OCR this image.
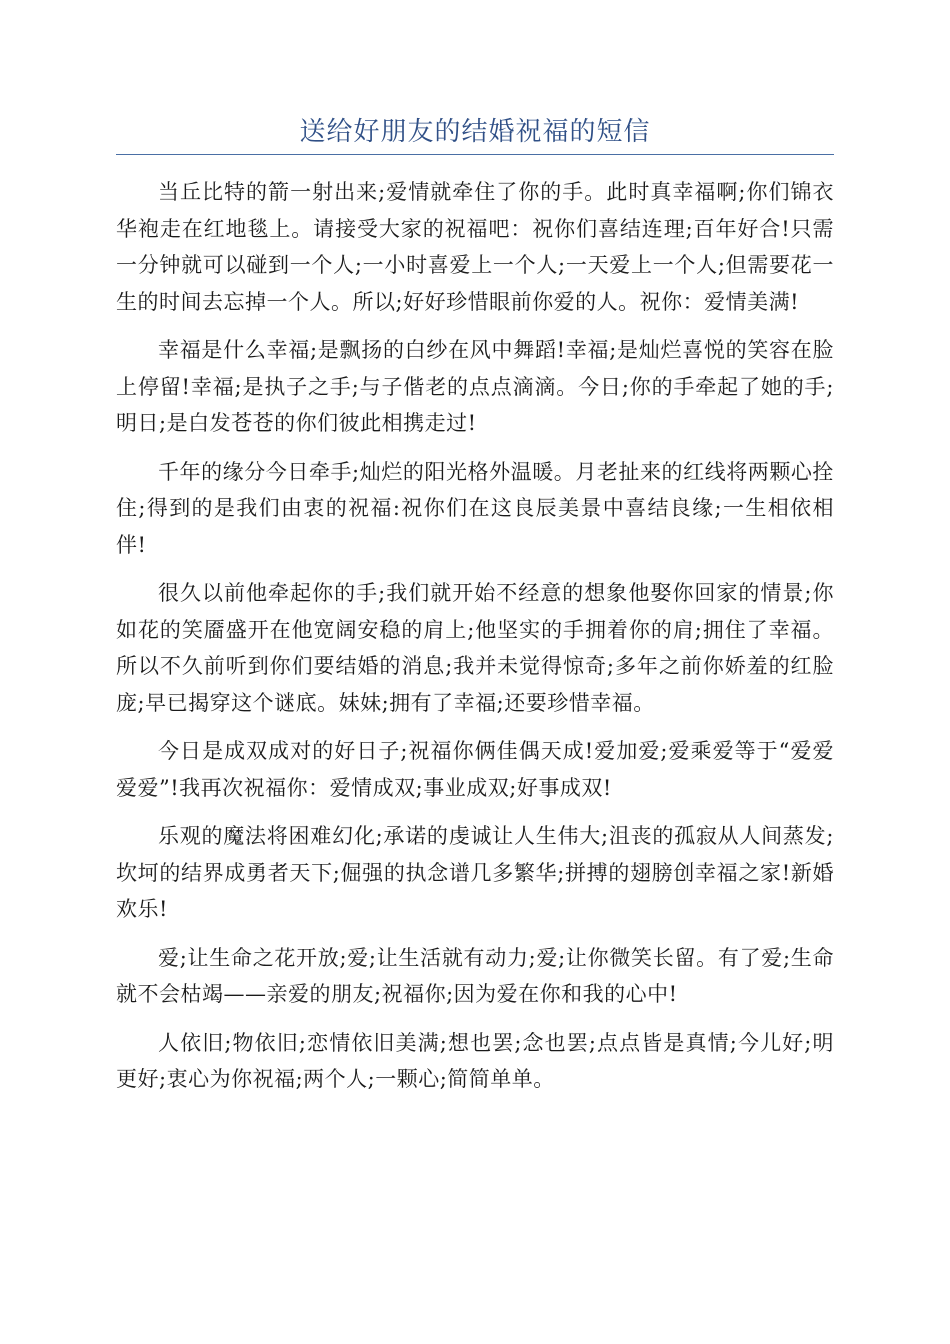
送给好朋友的结婚祝福的短信

当丘比特的箭一射出来;爱情就牵住了你的手。此时真幸福啊;你们锦衣华袍走在红地毯上。请接受大家的祝福吧：祝你们喜结连理;百年好合!只需一分钟就可以碰到一个人;一小时喜爱上一个人;一天爱上一个人;但需要花一生的时间去忘掉一个人。所以;好好珍惜眼前你爱的人。祝你：爱情美满!

幸福是什么幸福;是飘扬的白纱在风中舞蹈!幸福;是灿烂喜悦的笑容在脸上停留!幸福;是执子之手;与子偕老的点点滴滴。今日;你的手牵起了她的手;明日;是白发苍苍的你们彼此相携走过!

千年的缘分今日牵手;灿烂的阳光格外温暖。月老扯来的红线将两颗心拴住;得到的是我们由衷的祝福:祝你们在这良辰美景中喜结良缘;一生相依相伴!

很久以前他牵起你的手;我们就开始不经意的想象他娶你回家的情景;你如花的笑靥盛开在他宽阔安稳的肩上;他坚实的手拥着你的肩;拥住了幸福。所以不久前听到你们要结婚的消息;我并未觉得惊奇;多年之前你娇羞的红脸庞;早已揭穿这个谜底。妹妹;拥有了幸福;还要珍惜幸福。

今日是成双成对的好日子;祝福你俩佳偶天成!爱加爱;爱乘爱等于“爱爱爱爱”!我再次祝福你：爱情成双;事业成双;好事成双!

乐观的魔法将困难幻化;承诺的虔诚让人生伟大;沮丧的孤寂从人间蒸发;坎坷的结界成勇者天下;倔强的执念谱几多繁华;拼搏的翅膀创幸福之家!新婚欢乐!

爱;让生命之花开放;爱;让生活就有动力;爱;让你微笑长留。有了爱;生命就不会枯竭——亲爱的朋友;祝福你;因为爱在你和我的心中!

人依旧;物依旧;恋情依旧美满;想也罢;念也罢;点点皆是真情;今儿好;明更好;衷心为你祝福;两个人;一颗心;简简单单。
